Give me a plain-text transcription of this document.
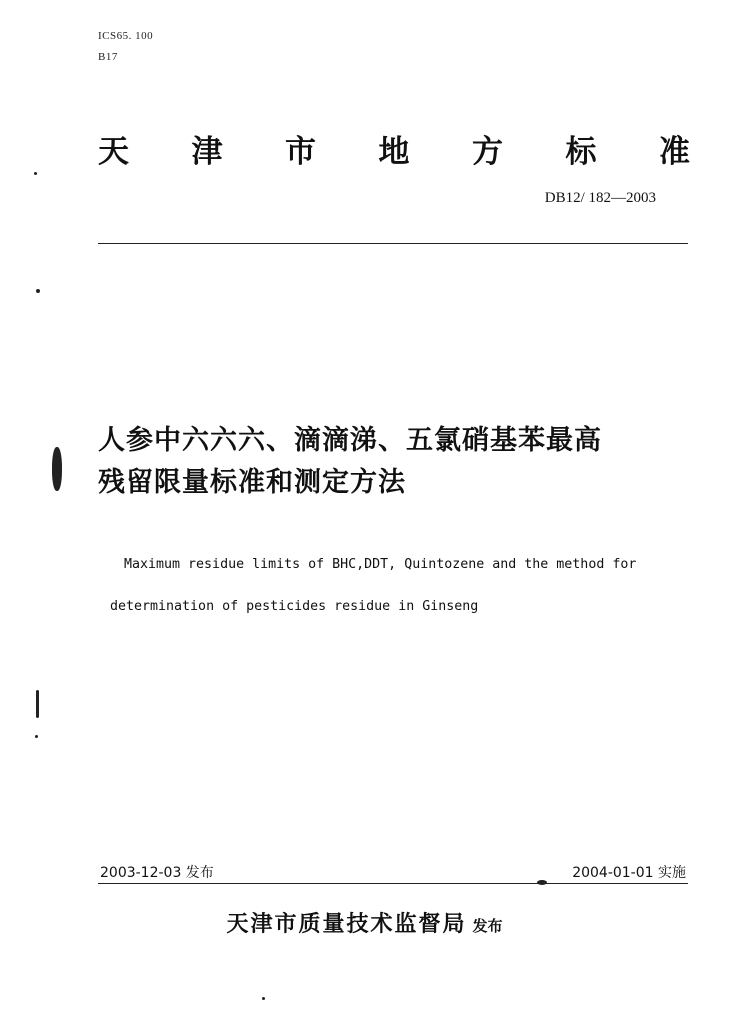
ICS65. 100
B17
天 津 市 地 方 标 准
DB12/ 182—2003
人参中六六六、滴滴涕、五氯硝基苯最高
残留限量标准和测定方法
Maximum residue limits of BHC,DDT, Quintozene and the method for
determination of pesticides residue in Ginseng
2003-12-03 发布	2004-01-01 实施
天津市质量技术监督局 发布
